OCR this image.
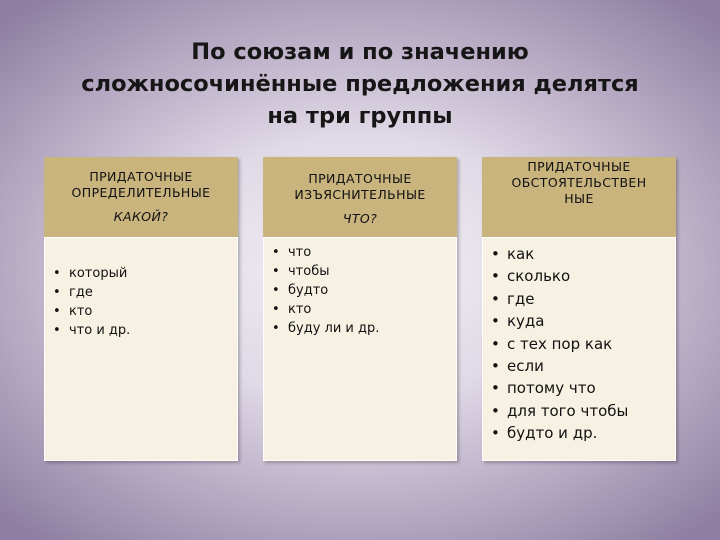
По союзам и по значению
сложносочинённые предложения делятся
на три группы
ПРИДАТОЧНЫЕ
ОПРЕДЕЛИТЕЛЬНЫЕ
КАКОЙ?
• который
• где
• кто
• что и др.
ПРИДАТОЧНЫЕ
ИЗЪЯСНИТЕЛЬНЫЕ
ЧТО?
• что
• чтобы
• будто
• кто
• буду ли и др.
ПРИДАТОЧНЫЕ
ОБСТОЯТЕЛЬСТВЕН
НЫЕ
• как
• сколько
• где
• куда
• с тех пор как
• если
• потому что
• для того чтобы
• будто и др.
